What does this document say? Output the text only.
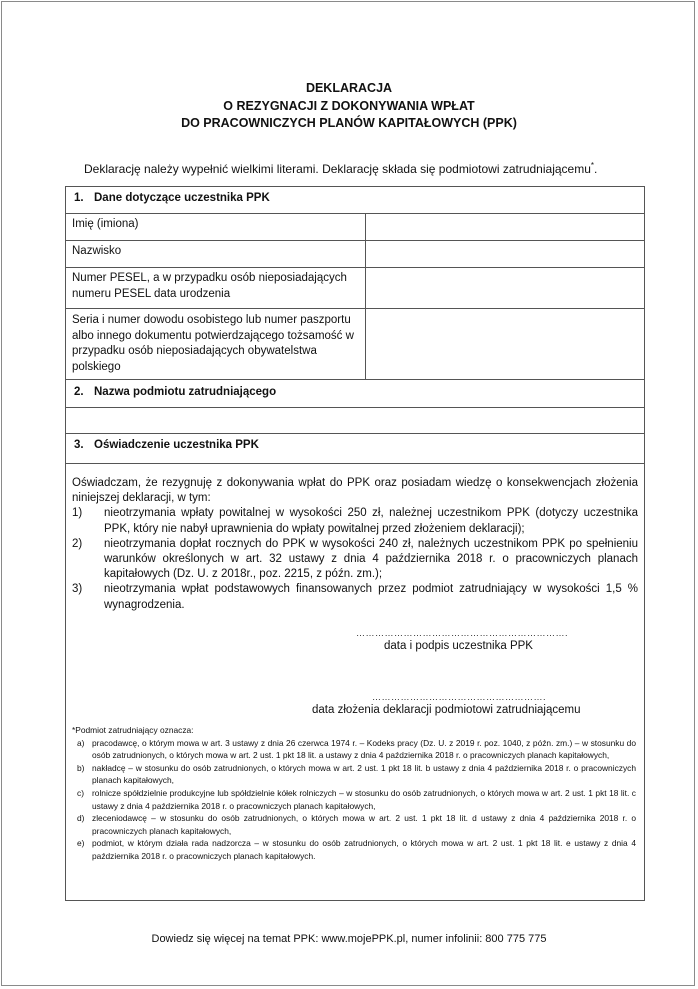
DEKLARACJA
O REZYGNACJI Z DOKONYWANIA WPŁAT
DO PRACOWNICZYCH PLANÓW KAPITAŁOWYCH (PPK)
Deklarację należy wypełnić wielkimi literami. Deklarację składa się podmiotowi zatrudniającemu*.
1. Dane dotyczące uczestnika PPK
Imię (imiona)
Nazwisko
Numer PESEL, a w przypadku osób nieposiadających numeru PESEL data urodzenia
Seria i numer dowodu osobistego lub numer paszportu albo innego dokumentu potwierdzającego tożsamość w przypadku osób nieposiadających obywatelstwa polskiego
2. Nazwa podmiotu zatrudniającego
3. Oświadczenie uczestnika PPK
Oświadczam, że rezygnuję z dokonywania wpłat do PPK oraz posiadam wiedzę o konsekwencjach złożenia niniejszej deklaracji, w tym:
1)	nieotrzymania wpłaty powitalnej w wysokości 250 zł, należnej uczestnikom PPK (dotyczy uczestnika PPK, który nie nabył uprawnienia do wpłaty powitalnej przed złożeniem deklaracji);
2)	nieotrzymania dopłat rocznych do PPK w wysokości 240 zł, należnych uczestnikom PPK po spełnieniu warunków określonych w art. 32 ustawy z dnia 4 października 2018 r. o pracowniczych planach kapitałowych (Dz. U. z 2018r., poz. 2215, z późn. zm.);
3)	nieotrzymania wpłat podstawowych finansowanych przez podmiot zatrudniający w wysokości 1,5 % wynagrodzenia.
………………………………………………………….
data i podpis uczestnika PPK
……………………………………………….
data złożenia deklaracji podmiotowi zatrudniającemu
*Podmiot zatrudniający oznacza:
a) pracodawcę, o którym mowa w art. 3 ustawy z dnia 26 czerwca 1974 r. – Kodeks pracy (Dz. U. z 2019 r. poz. 1040, z późn. zm.) – w stosunku do osób zatrudnionych, o których mowa w art. 2 ust. 1 pkt 18 lit. a ustawy z dnia 4 października 2018 r. o pracowniczych planach kapitałowych,
b) nakładcę – w stosunku do osób zatrudnionych, o których mowa w art. 2 ust. 1 pkt 18 lit. b ustawy z dnia 4 października 2018 r. o pracowniczych planach kapitałowych,
c) rolnicze spółdzielnie produkcyjne lub spółdzielnie kółek rolniczych – w stosunku do osób zatrudnionych, o których mowa w art. 2 ust. 1 pkt 18 lit. c ustawy z dnia 4 października 2018 r. o pracowniczych planach kapitałowych,
d) zleceniodawcę – w stosunku do osób zatrudnionych, o których mowa w art. 2 ust. 1 pkt 18 lit. d ustawy z dnia 4 października 2018 r. o pracowniczych planach kapitałowych,
e) podmiot, w którym działa rada nadzorcza – w stosunku do osób zatrudnionych, o których mowa w art. 2 ust. 1 pkt 18 lit. e ustawy z dnia 4 października 2018 r. o pracowniczych planach kapitałowych.
Dowiedz się więcej na temat PPK: www.mojePPK.pl, numer infolinii: 800 775 775
